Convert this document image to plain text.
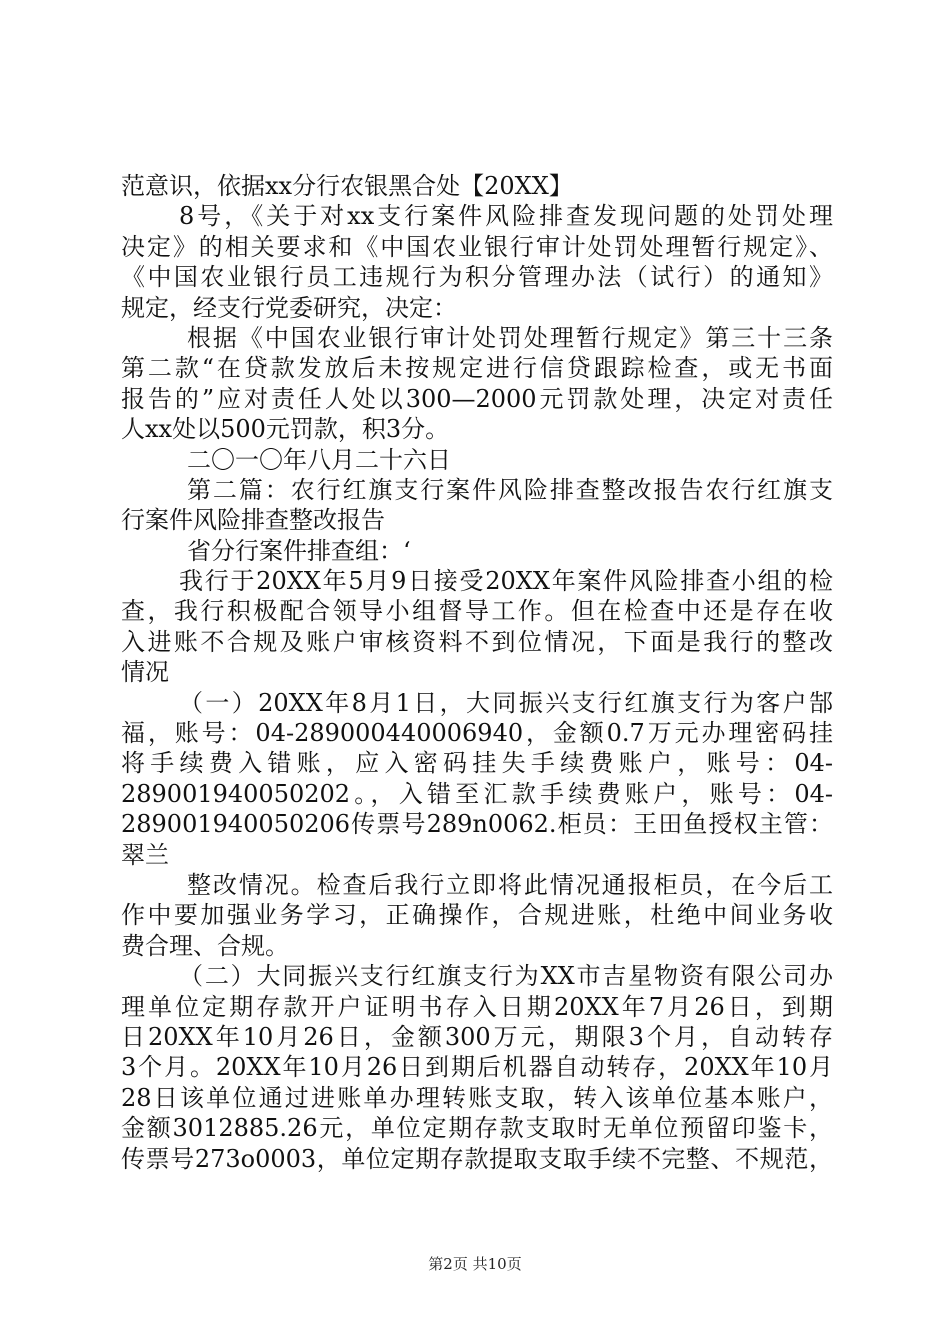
范意识，依据xx分行农银黑合处【20XX】
8号，《关于对xx支行案件风险排查发现问题的处罚处理
决定》的相关要求和《中国农业银行审计处罚处理暂行规定》、
《中国农业银行员工违规行为积分管理办法（试行）的通知》
规定，经支行党委研究，决定：
根据《中国农业银行审计处罚处理暂行规定》第三十三条
第二款“在贷款发放后未按规定进行信贷跟踪检查，或无书面
报告的”应对责任人处以300—2000元罚款处理，决定对责任
人xx处以500元罚款，积3分。
二〇一〇年八月二十六日
第二篇：农行红旗支行案件风险排查整改报告农行红旗支
行案件风险排查整改报告
省分行案件排查组：‘
我行于20XX年5月9日接受20XX年案件风险排查小组的检
查，我行积极配合领导小组督导工作。但在检查中还是存在收
入进账不合规及账户审核资料不到位情况，下面是我行的整改
情况
（一）20XX年8月1日，大同振兴支行红旗支行为客户郜
福，账号：04-289000440006940，金额0.7万元办理密码挂
将手续费入错账，应入密码挂失手续费账户，账号：04-
289001940050202。，入错至汇款手续费账户，账号：04-
289001940050206传票号289n0062.柜员：王田鱼授权主管：
翠兰
整改情况。检查后我行立即将此情况通报柜员，在今后工
作中要加强业务学习，正确操作，合规进账，杜绝中间业务收
费合理、合规。
（二）大同振兴支行红旗支行为XX市吉星物资有限公司办
理单位定期存款开户证明书存入日期20XX年7月26日，到期
日20XX年10月26日，金额300万元，期限3个月，自动转存
3个月。20XX年10月26日到期后机器自动转存，20XX年10月
28日该单位通过进账单办理转账支取，转入该单位基本账户，
金额3012885.26元，单位定期存款支取时无单位预留印鉴卡，
传票号273o0003，单位定期存款提取支取手续不完整、不规范，
第2页 共10页
